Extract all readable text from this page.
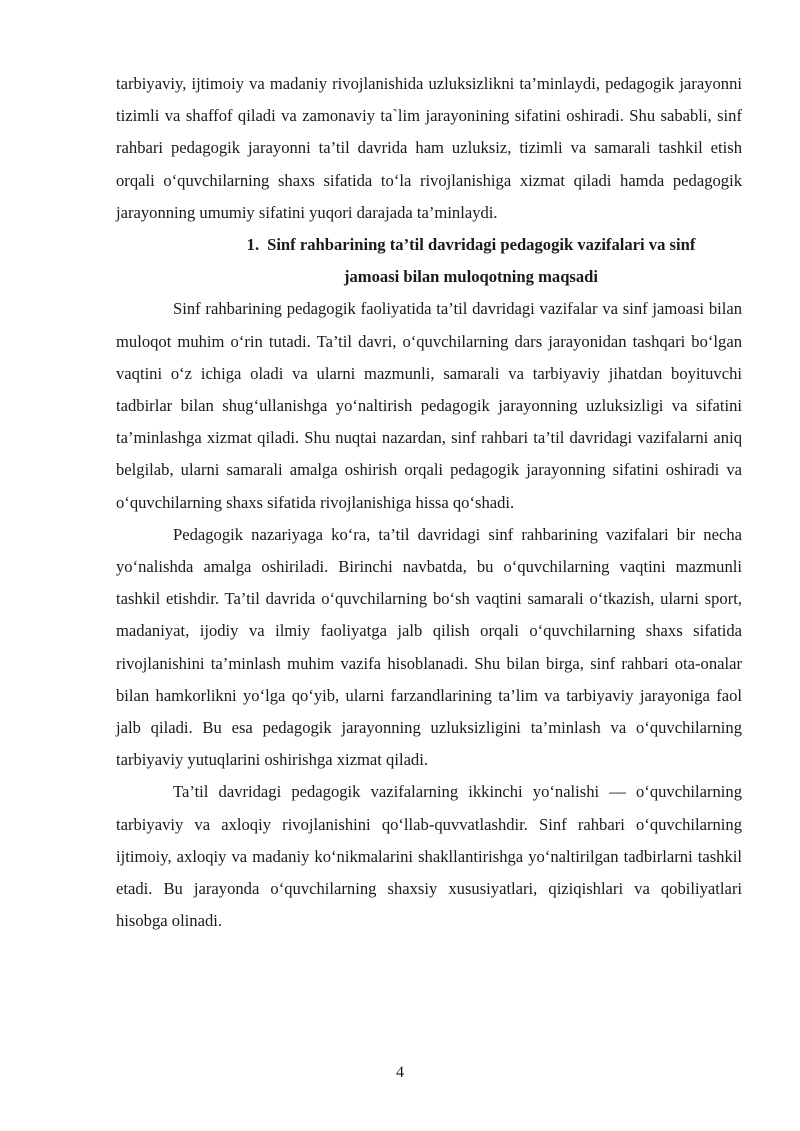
tarbiyaviy, ijtimoiy va madaniy rivojlanishida uzluksizlikni ta’minlaydi, pedagogik jarayonni tizimli va shaffof qiladi va zamonaviy ta`lim jarayonining sifatini oshiradi. Shu sababli, sinf rahbari pedagogik jarayonni ta’til davrida ham uzluksiz, tizimli va samarali tashkil etish orqali o‘quvchilarning shaxs sifatida to‘la rivojlanishiga xizmat qiladi hamda pedagogik jarayonning umumiy sifatini yuqori darajada ta’minlaydi.

1. Sinf rahbarining ta’til davridagi pedagogik vazifalari va sinf
jamoasi bilan muloqotning maqsadi

Sinf rahbarining pedagogik faoliyatida ta’til davridagi vazifalar va sinf jamoasi bilan muloqot muhim o‘rin tutadi. Ta’til davri, o‘quvchilarning dars jarayonidan tashqari bo‘lgan vaqtini o‘z ichiga oladi va ularni mazmunli, samarali va tarbiyaviy jihatdan boyituvchi tadbirlar bilan shug‘ullanishga yo‘naltirish pedagogik jarayonning uzluksizligi va sifatini ta’minlashga xizmat qiladi. Shu nuqtai nazardan, sinf rahbari ta’til davridagi vazifalarni aniq belgilab, ularni samarali amalga oshirish orqali pedagogik jarayonning sifatini oshiradi va o‘quvchilarning shaxs sifatida rivojlanishiga hissa qo‘shadi.

Pedagogik nazariyaga ko‘ra, ta’til davridagi sinf rahbarining vazifalari bir necha yo‘nalishda amalga oshiriladi. Birinchi navbatda, bu o‘quvchilarning vaqtini mazmunli tashkil etishdir. Ta’til davrida o‘quvchilarning bo‘sh vaqtini samarali o‘tkazish, ularni sport, madaniyat, ijodiy va ilmiy faoliyatga jalb qilish orqali o‘quvchilarning shaxs sifatida rivojlanishini ta’minlash muhim vazifa hisoblanadi. Shu bilan birga, sinf rahbari ota-onalar bilan hamkorlikni yo‘lga qo‘yib, ularni farzandlarining ta’lim va tarbiyaviy jarayoniga faol jalb qiladi. Bu esa pedagogik jarayonning uzluksizligini ta’minlash va o‘quvchilarning tarbiyaviy yutuqlarini oshirishga xizmat qiladi.

Ta’til davridagi pedagogik vazifalarning ikkinchi yo‘nalishi — o‘quvchilarning tarbiyaviy va axloqiy rivojlanishini qo‘llab-quvvatlashdir. Sinf rahbari o‘quvchilarning ijtimoiy, axloqiy va madaniy ko‘nikmalarini shakllantirishga yo‘naltirilgan tadbirlarni tashkil etadi. Bu jarayonda o‘quvchilarning shaxsiy xususiyatlari, qiziqishlari va qobiliyatlari hisobga olinadi.

4
